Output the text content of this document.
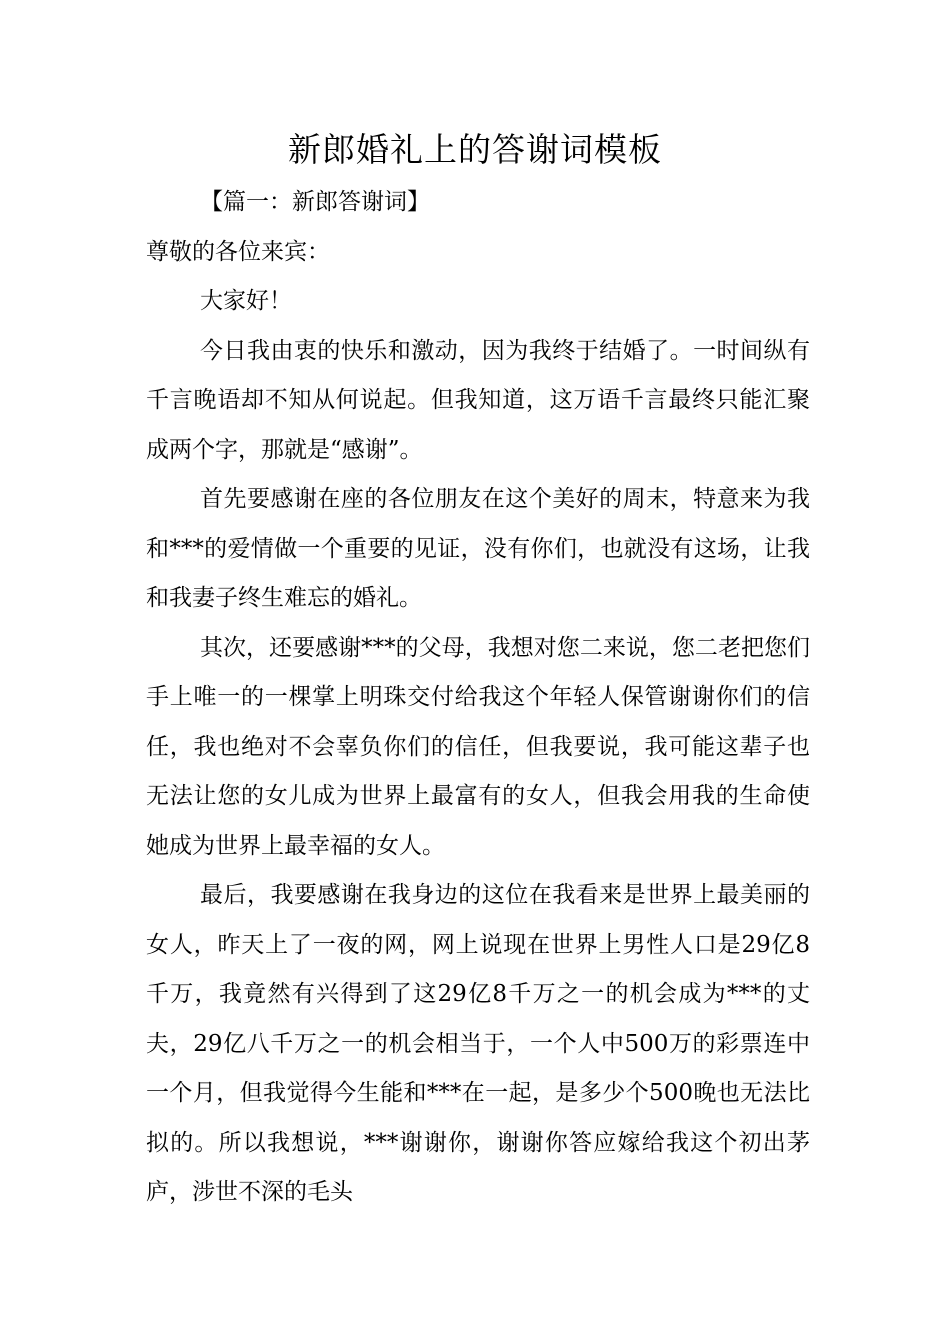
新郎婚礼上的答谢词模板

【篇一：新郎答谢词】

尊敬的各位来宾：

大家好！

今日我由衷的快乐和激动，因为我终于结婚了。一时间纵有千言晚语却不知从何说起。但我知道，这万语千言最终只能汇聚成两个字，那就是“感谢”。

首先要感谢在座的各位朋友在这个美好的周末，特意来为我和***的爱情做一个重要的见证，没有你们，也就没有这场，让我和我妻子终生难忘的婚礼。

其次，还要感谢***的父母，我想对您二来说，您二老把您们手上唯一的一棵掌上明珠交付给我这个年轻人保管谢谢你们的信任，我也绝对不会辜负你们的信任，但我要说，我可能这辈子也无法让您的女儿成为世界上最富有的女人，但我会用我的生命使她成为世界上最幸福的女人。

最后，我要感谢在我身边的这位在我看来是世界上最美丽的女人，昨天上了一夜的网，网上说现在世界上男性人口是29亿8千万，我竟然有兴得到了这29亿8千万之一的机会成为***的丈夫，29亿八千万之一的机会相当于，一个人中500万的彩票连中一个月，但我觉得今生能和***在一起，是多少个500晚也无法比拟的。所以我想说，***谢谢你，谢谢你答应嫁给我这个初出茅庐，涉世不深的毛头
